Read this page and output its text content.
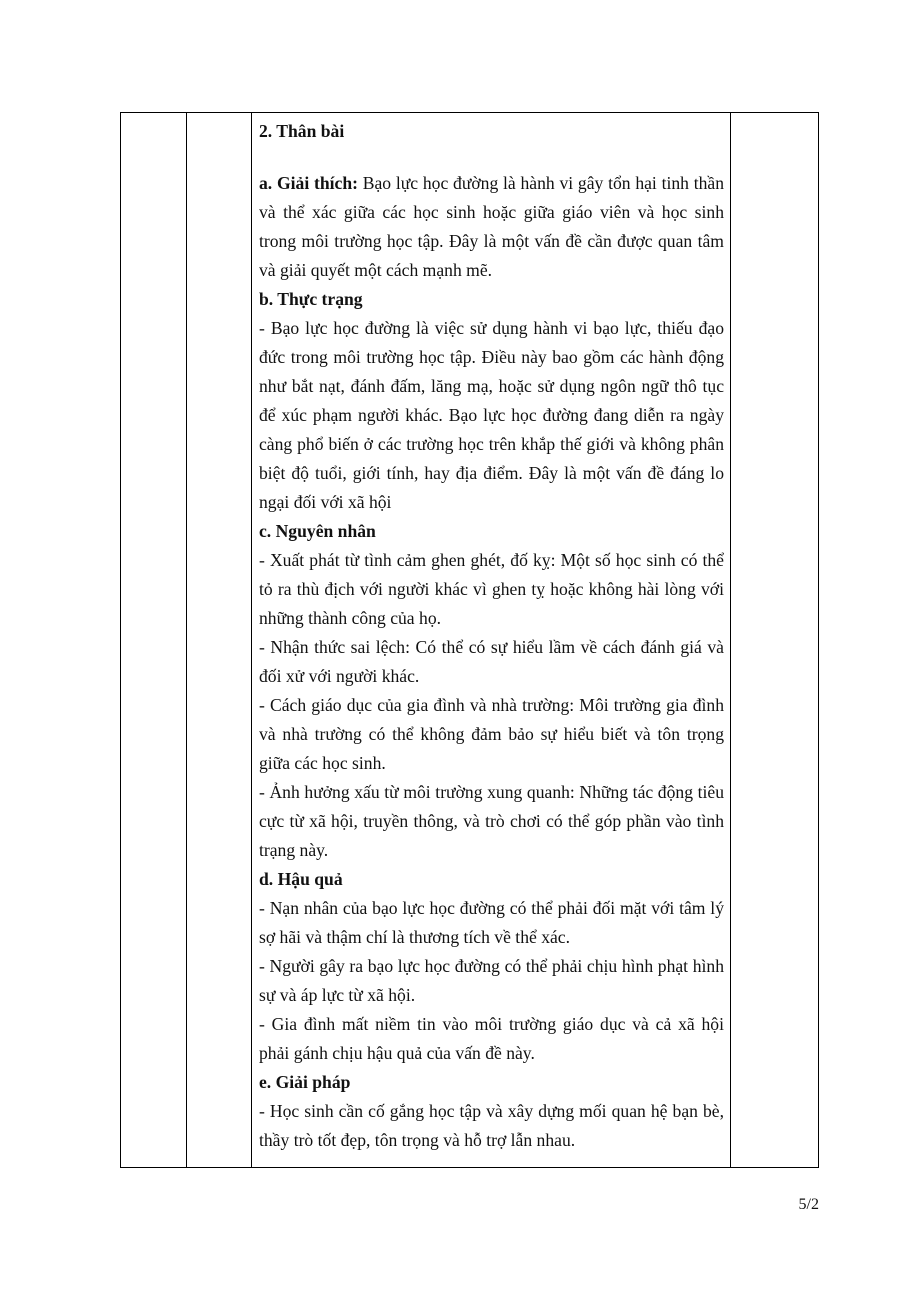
2. Thân bài

a. Giải thích: Bạo lực học đường là hành vi gây tổn hại tinh thần và thể xác giữa các học sinh hoặc giữa giáo viên và học sinh trong môi trường học tập. Đây là một vấn đề cần được quan tâm và giải quyết một cách mạnh mẽ.

b. Thực trạng

- Bạo lực học đường là việc sử dụng hành vi bạo lực, thiếu đạo đức trong môi trường học tập. Điều này bao gồm các hành động như bắt nạt, đánh đấm, lăng mạ, hoặc sử dụng ngôn ngữ thô tục để xúc phạm người khác. Bạo lực học đường đang diễn ra ngày càng phổ biến ở các trường học trên khắp thế giới và không phân biệt độ tuổi, giới tính, hay địa điểm. Đây là một vấn đề đáng lo ngại đối với xã hội

c. Nguyên nhân

- Xuất phát từ tình cảm ghen ghét, đố kỵ: Một số học sinh có thể tỏ ra thù địch với người khác vì ghen tỵ hoặc không hài lòng với những thành công của họ.

- Nhận thức sai lệch: Có thể có sự hiểu lầm về cách đánh giá và đối xử với người khác.

- Cách giáo dục của gia đình và nhà trường: Môi trường gia đình và nhà trường có thể không đảm bảo sự hiểu biết và tôn trọng giữa các học sinh.

- Ảnh hưởng xấu từ môi trường xung quanh: Những tác động tiêu cực từ xã hội, truyền thông, và trò chơi có thể góp phần vào tình trạng này.

d. Hậu quả

- Nạn nhân của bạo lực học đường có thể phải đối mặt với tâm lý sợ hãi và thậm chí là thương tích về thể xác.

- Người gây ra bạo lực học đường có thể phải chịu hình phạt hình sự và áp lực từ xã hội.

- Gia đình mất niềm tin vào môi trường giáo dục và cả xã hội phải gánh chịu hậu quả của vấn đề này.

e. Giải pháp

- Học sinh cần cố gắng học tập và xây dựng mối quan hệ bạn bè, thầy trò tốt đẹp, tôn trọng và hỗ trợ lẫn nhau.

5/2
